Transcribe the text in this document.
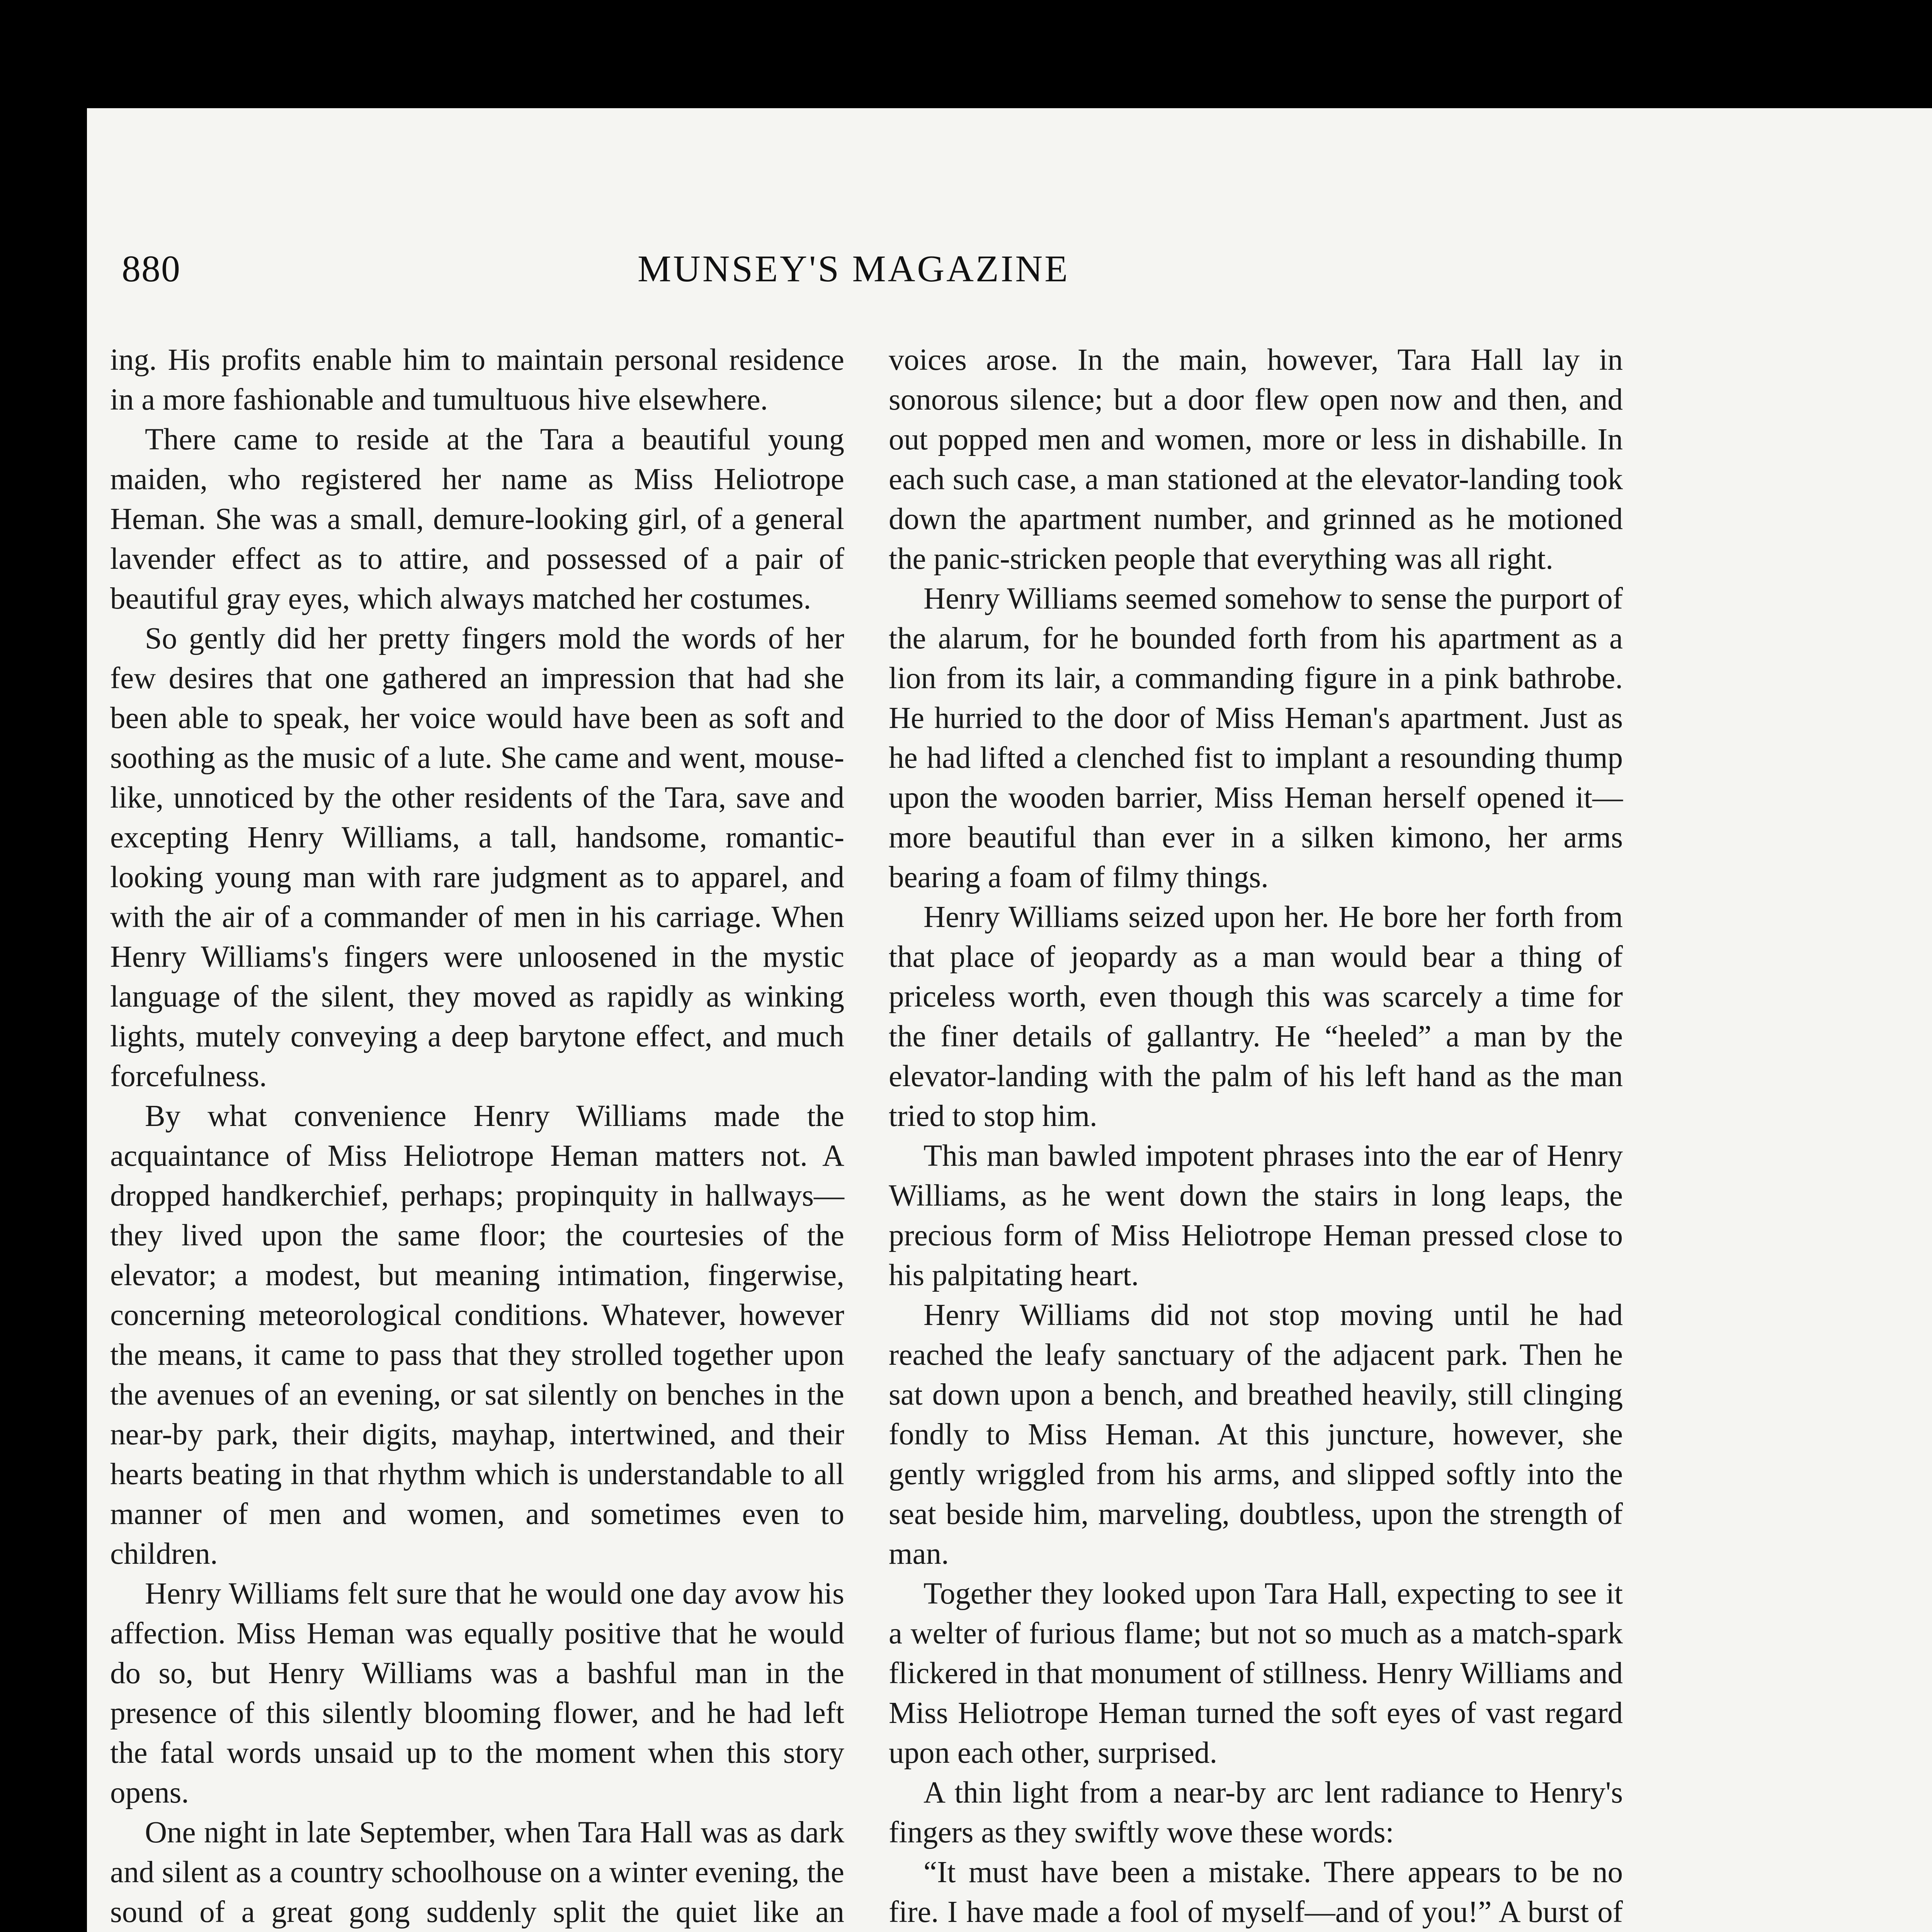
880	MUNSEY'S MAGAZINE

ing. His profits enable him to maintain personal residence in a more fashionable and tumultuous hive elsewhere.

There came to reside at the Tara a beautiful young maiden, who registered her name as Miss Heliotrope Heman. She was a small, demure-looking girl, of a general lavender effect as to attire, and possessed of a pair of beautiful gray eyes, which always matched her costumes.

So gently did her pretty fingers mold the words of her few desires that one gathered an impression that had she been able to speak, her voice would have been as soft and soothing as the music of a lute. She came and went, mouse-like, unnoticed by the other residents of the Tara, save and excepting Henry Williams, a tall, handsome, romantic-looking young man with rare judgment as to apparel, and with the air of a commander of men in his carriage. When Henry Williams's fingers were unloosened in the mystic language of the silent, they moved as rapidly as winking lights, mutely conveying a deep barytone effect, and much forcefulness.

By what convenience Henry Williams made the acquaintance of Miss Heliotrope Heman matters not. A dropped handkerchief, perhaps; propinquity in hallways—they lived upon the same floor; the courtesies of the elevator; a modest, but meaning intimation, fingerwise, concerning meteorological conditions. Whatever, however the means, it came to pass that they strolled together upon the avenues of an evening, or sat silently on benches in the near-by park, their digits, mayhap, intertwined, and their hearts beating in that rhythm which is understandable to all manner of men and women, and sometimes even to children.

Henry Williams felt sure that he would one day avow his affection. Miss Heman was equally positive that he would do so, but Henry Williams was a bashful man in the presence of this silently blooming flower, and he had left the fatal words unsaid up to the moment when this story opens.

One night in late September, when Tara Hall was as dark and silent as a country schoolhouse on a winter evening, the sound of a great gong suddenly split the quiet like an

voices arose. In the main, however, Tara Hall lay in sonorous silence; but a door flew open now and then, and out popped men and women, more or less in dishabille. In each such case, a man stationed at the elevator-landing took down the apartment number, and grinned as he motioned the panic-stricken people that everything was all right.

Henry Williams seemed somehow to sense the purport of the alarum, for he bounded forth from his apartment as a lion from its lair, a commanding figure in a pink bathrobe. He hurried to the door of Miss Heman's apartment. Just as he had lifted a clenched fist to implant a resounding thump upon the wooden barrier, Miss Heman herself opened it—more beautiful than ever in a silken kimono, her arms bearing a foam of filmy things.

Henry Williams seized upon her. He bore her forth from that place of jeopardy as a man would bear a thing of priceless worth, even though this was scarcely a time for the finer details of gallantry. He “heeled” a man by the elevator-landing with the palm of his left hand as the man tried to stop him.

This man bawled impotent phrases into the ear of Henry Williams, as he went down the stairs in long leaps, the precious form of Miss Heliotrope Heman pressed close to his palpitating heart.

Henry Williams did not stop moving until he had reached the leafy sanctuary of the adjacent park. Then he sat down upon a bench, and breathed heavily, still clinging fondly to Miss Heman. At this juncture, however, she gently wriggled from his arms, and slipped softly into the seat beside him, marveling, doubtless, upon the strength of man.

Together they looked upon Tara Hall, expecting to see it a welter of furious flame; but not so much as a match-spark flickered in that monument of stillness. Henry Williams and Miss Heliotrope Heman turned the soft eyes of vast regard upon each other, surprised.

A thin light from a near-by arc lent radiance to Henry's fingers as they swiftly wove these words:

“It must have been a mistake. There appears to be no fire. I have made a fool of myself—and of you!” A burst of
